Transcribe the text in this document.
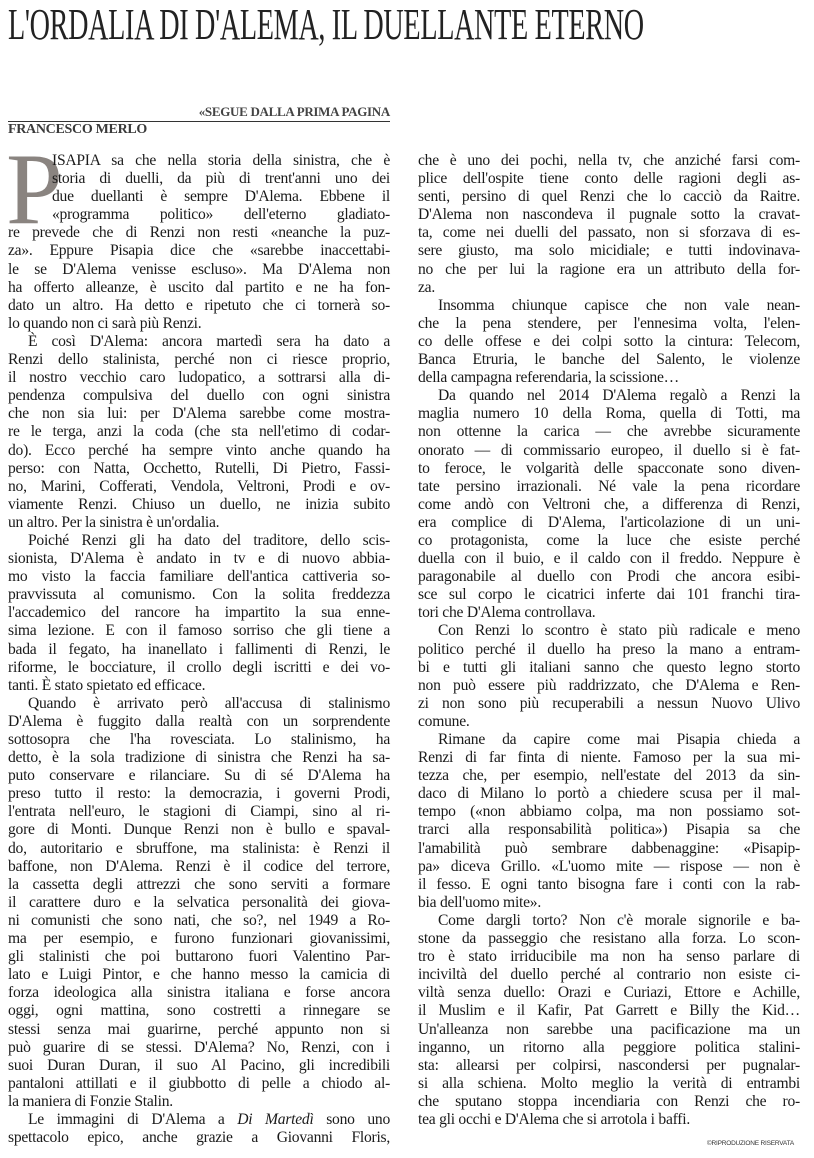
L'ORDALIA DI D'ALEMA, IL DUELLANTE ETERNO
«SEGUE DALLA PRIMA PAGINA
FRANCESCO MERLO
P
ISAPIA sa che nella storia della sinistra, che è
storia di duelli, da più di trent'anni uno dei
due duellanti è sempre D'Alema. Ebbene il
«programma politico» dell'eterno gladiato-
re prevede che di Renzi non resti «neanche la puz-
za». Eppure Pisapia dice che «sarebbe inaccettabi-
le se D'Alema venisse escluso». Ma D'Alema non
ha offerto alleanze, è uscito dal partito e ne ha fon-
dato un altro. Ha detto e ripetuto che ci tornerà so-
lo quando non ci sarà più Renzi.
È così D'Alema: ancora martedì sera ha dato a
Renzi dello stalinista, perché non ci riesce proprio,
il nostro vecchio caro ludopatico, a sottrarsi alla di-
pendenza compulsiva del duello con ogni sinistra
che non sia lui: per D'Alema sarebbe come mostra-
re le terga, anzi la coda (che sta nell'etimo di codar-
do). Ecco perché ha sempre vinto anche quando ha
perso: con Natta, Occhetto, Rutelli, Di Pietro, Fassi-
no, Marini, Cofferati, Vendola, Veltroni, Prodi e ov-
viamente Renzi. Chiuso un duello, ne inizia subito
un altro. Per la sinistra è un'ordalia.
Poiché Renzi gli ha dato del traditore, dello scis-
sionista, D'Alema è andato in tv e di nuovo abbia-
mo visto la faccia familiare dell'antica cattiveria so-
pravvissuta al comunismo. Con la solita freddezza
l'accademico del rancore ha impartito la sua enne-
sima lezione. E con il famoso sorriso che gli tiene a
bada il fegato, ha inanellato i fallimenti di Renzi, le
riforme, le bocciature, il crollo degli iscritti e dei vo-
tanti. È stato spietato ed efficace.
Quando è arrivato però all'accusa di stalinismo
D'Alema è fuggito dalla realtà con un sorprendente
sottosopra che l'ha rovesciata. Lo stalinismo, ha
detto, è la sola tradizione di sinistra che Renzi ha sa-
puto conservare e rilanciare. Su di sé D'Alema ha
preso tutto il resto: la democrazia, i governi Prodi,
l'entrata nell'euro, le stagioni di Ciampi, sino al ri-
gore di Monti. Dunque Renzi non è bullo e spaval-
do, autoritario e sbruffone, ma stalinista: è Renzi il
baffone, non D'Alema. Renzi è il codice del terrore,
la cassetta degli attrezzi che sono serviti a formare
il carattere duro e la selvatica personalità dei giova-
ni comunisti che sono nati, che so?, nel 1949 a Ro-
ma per esempio, e furono funzionari giovanissimi,
gli stalinisti che poi buttarono fuori Valentino Par-
lato e Luigi Pintor, e che hanno messo la camicia di
forza ideologica alla sinistra italiana e forse ancora
oggi, ogni mattina, sono costretti a rinnegare se
stessi senza mai guarirne, perché appunto non si
può guarire di se stessi. D'Alema? No, Renzi, con i
suoi Duran Duran, il suo Al Pacino, gli incredibili
pantaloni attillati e il giubbotto di pelle a chiodo al-
la maniera di Fonzie Stalin.
Le immagini di D'Alema a Di Martedì sono uno
spettacolo epico, anche grazie a Giovanni Floris,
che è uno dei pochi, nella tv, che anziché farsi com-
plice dell'ospite tiene conto delle ragioni degli as-
senti, persino di quel Renzi che lo cacciò da Raitre.
D'Alema non nascondeva il pugnale sotto la cravat-
ta, come nei duelli del passato, non si sforzava di es-
sere giusto, ma solo micidiale; e tutti indovinava-
no che per lui la ragione era un attributo della for-
za.
Insomma chiunque capisce che non vale nean-
che la pena stendere, per l'ennesima volta, l'elen-
co delle offese e dei colpi sotto la cintura: Telecom,
Banca Etruria, le banche del Salento, le violenze
della campagna referendaria, la scissione…
Da quando nel 2014 D'Alema regalò a Renzi la
maglia numero 10 della Roma, quella di Totti, ma
non ottenne la carica — che avrebbe sicuramente
onorato — di commissario europeo, il duello si è fat-
to feroce, le volgarità delle spacconate sono diven-
tate persino irrazionali. Né vale la pena ricordare
come andò con Veltroni che, a differenza di Renzi,
era complice di D'Alema, l'articolazione di un uni-
co protagonista, come la luce che esiste perché
duella con il buio, e il caldo con il freddo. Neppure è
paragonabile al duello con Prodi che ancora esibi-
sce sul corpo le cicatrici inferte dai 101 franchi tira-
tori che D'Alema controllava.
Con Renzi lo scontro è stato più radicale e meno
politico perché il duello ha preso la mano a entram-
bi e tutti gli italiani sanno che questo legno storto
non può essere più raddrizzato, che D'Alema e Ren-
zi non sono più recuperabili a nessun Nuovo Ulivo
comune.
Rimane da capire come mai Pisapia chieda a
Renzi di far finta di niente. Famoso per la sua mi-
tezza che, per esempio, nell'estate del 2013 da sin-
daco di Milano lo portò a chiedere scusa per il mal-
tempo («non abbiamo colpa, ma non possiamo sot-
trarci alla responsabilità politica») Pisapia sa che
l'amabilità può sembrare dabbenaggine: «Pisapip-
pa» diceva Grillo. «L'uomo mite — rispose — non è
il fesso. E ogni tanto bisogna fare i conti con la rab-
bia dell'uomo mite».
Come dargli torto? Non c'è morale signorile e ba-
stone da passeggio che resistano alla forza. Lo scon-
tro è stato irriducibile ma non ha senso parlare di
inciviltà del duello perché al contrario non esiste ci-
viltà senza duello: Orazi e Curiazi, Ettore e Achille,
il Muslim e il Kafir, Pat Garrett e Billy the Kid…
Un'alleanza non sarebbe una pacificazione ma un
inganno, un ritorno alla peggiore politica stalini-
sta: allearsi per colpirsi, nascondersi per pugnalar-
si alla schiena. Molto meglio la verità di entrambi
che sputano stoppa incendiaria con Renzi che ro-
tea gli occhi e D'Alema che si arrotola i baffi.
©RIPRODUZIONE RISERVATA
